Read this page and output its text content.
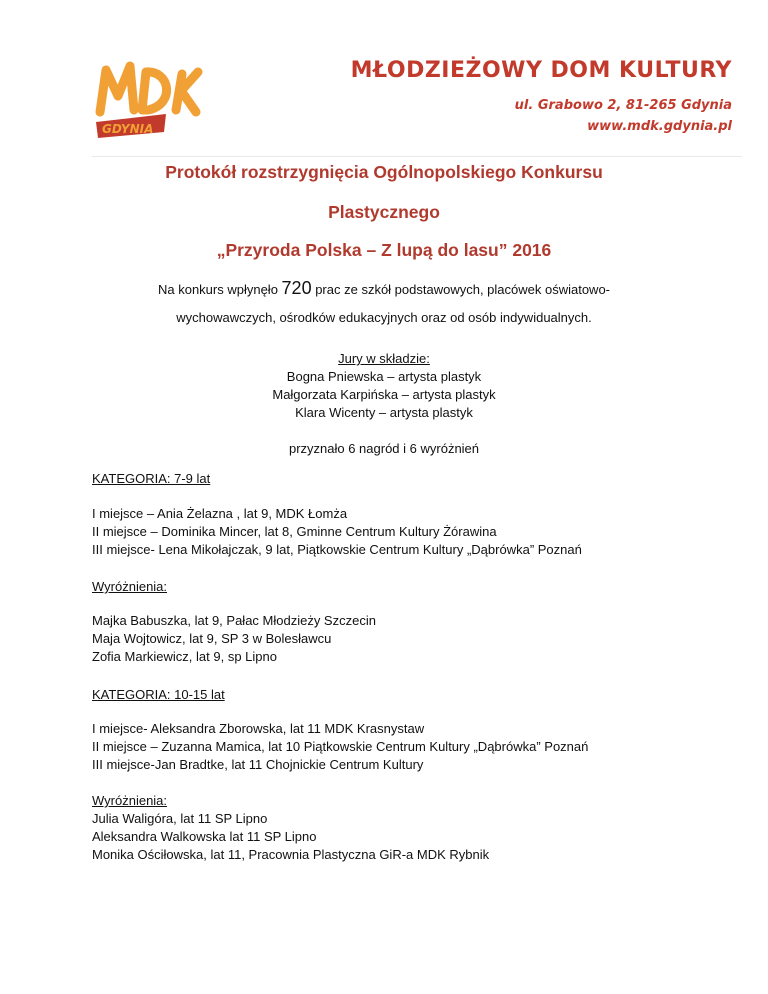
GDYNIA
MŁODZIEŻOWY DOM KULTURY
ul. Grabowo 2, 81-265 Gdynia
www.mdk.gdynia.pl
Protokół rozstrzygnięcia Ogólnopolskiego Konkursu
Plastycznego
„Przyroda Polska – Z lupą do lasu” 2016
Na konkurs wpłynęło 720 prac ze szkół podstawowych, placówek oświatowo-
wychowawczych, ośrodków edukacyjnych oraz od osób indywidualnych.
Jury w składzie:
Bogna Pniewska – artysta plastyk
Małgorzata Karpińska – artysta plastyk
Klara Wicenty – artysta plastyk
przyznało 6 nagród i 6 wyróżnień

KATEGORIA: 7-9 lat

I miejsce – Ania Żelazna , lat 9, MDK Łomża

II miejsce – Dominika Mincer, lat 8, Gminne Centrum Kultury Żórawina

III miejsce- Lena Mikołajczak, 9 lat, Piątkowskie Centrum Kultury „Dąbrówka” Poznań

Wyróżnienia:

Majka Babuszka, lat 9, Pałac Młodzieży Szczecin

Maja Wojtowicz, lat 9, SP 3 w Bolesławcu

Zofia Markiewicz, lat 9, sp Lipno

KATEGORIA: 10-15 lat

I miejsce- Aleksandra Zborowska, lat 11 MDK Krasnystaw

II miejsce – Zuzanna Mamica, lat 10 Piątkowskie Centrum Kultury „Dąbrówka” Poznań

III miejsce-Jan Bradtke, lat 11 Chojnickie Centrum Kultury

Wyróżnienia:

Julia Waligóra, lat 11 SP Lipno

Aleksandra Walkowska lat 11 SP Lipno

Monika Ościłowska, lat 11, Pracownia Plastyczna GiR-a MDK Rybnik
